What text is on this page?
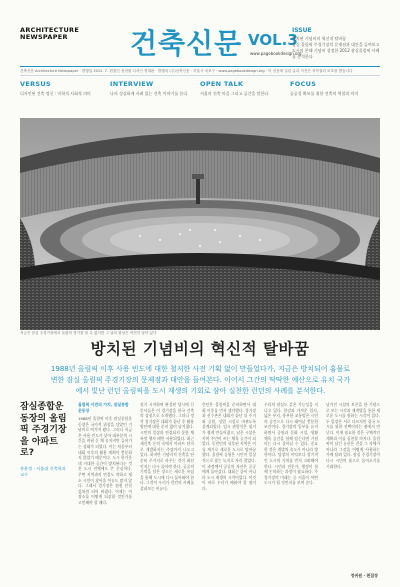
ARCHITECTURE
NEWSPAPER	건축신문 VOL.3
www.pagebookdesign.org
ISSUE
방치된 기념비의 혁신적 탈바꿈
잠실 올림픽 주경기장의 문제점과 대안을 들여보고
도시의 본래 기념비 설정한 2012 잠실올림픽 사례를 분석한다
건축신문 Architecture Newspaper · 발행일 2012. 7. 편집인 정귀원 디자인 정재완 · 발행처 (주)건축신문 · 서울시 마포구 · www.pagebookdesign.org · 이 신문에 실린 글과 사진은 저작권의 보호를 받습니다
VERSUS
디자인된 건축 정신 : 미학적 사회적 의미
INTERVIEW
나의 성실하게 사려 있는 건축 이야기를 듣다
OPEN TALK
서울의 건축 마을 그리고 공간을 말한다
FOCUS
공공성 확보를 위한 건축의 역할과 의미
지금은 잠실 주경기장에서 올림픽 경기를 볼 수 없지만 그 날의 함성은 여전히 남아 있다
방치된 기념비의 혁신적 탈바꿈
1988년 올림픽 이후 사용 빈도에 대한 철저한 사전 기획 없이 만들었다가, 지금은 방치되어 흉물로 변한 잠실 올림픽 주경기장의 문제점과 대안을 들여본다. 이어서 그간의 딱딱한 예산으로 유치 국가에서 빛난 런던 올림픽을 도시 재생의 기회로 삼아 실천한 런던의 사례를 분석한다.
잠실종합운동장의 올림픽 주경기장을 아파트로?
홍윤정 · 서울대 건축학과 교수
올림픽 이전의 가치, 잠실종합운동장
1988년 올림픽 이후 잠실종합운동장은 국가적 위상을 담았던 기념비로 여겨져 왔다. 그러나 지금은 사용 빈도가 낮아 대부분의 시간을 비워 둔 채 유지비만 들어가는 상태가 되었다. 이는 처음부터 대회 이후의 활용 계획이 충분하지 않았기 때문이다. 도시 한가운데 거대한 공간이 방치된다는 것은 도시 전체에도 큰 손실이다. 주변 지역과의 연결도 약하고 평소 시민이 찾아올 이유도 많지 않다. 그래서 경기장은 점점 닫힌 섬처럼 되어 버렸다. 이제는 이 장소를 어떻게 되살릴 것인가를 고민해야 할 때다.
짓기 시작하여 완성된 당시에 신문사들은 이 경기장을 한국 건축의 상징으로 소개했다. 그러나 정작 경기장은 대회가 끝난 후 활용 방안에 대한 준비 없이 남겨졌다. 시민의 일상과 연결되지 못한 채 특정 행사 때만 사용되었다. 최근 재건축 논의 속에서 아파트 단지로 개발하자는 주장까지 나오고 있다. 하지만 기념비적 건축을 단순히 주거지로 바꾸는 것이 최선인지는 다시 물어야 한다. 공공의 기억을 담은 장소는 새로운 쓰임을 통해 도시에 다시 돌아와야 한다. 그것이 우리가 런던의 사례를 살펴보는 이유다.
런던은 올림픽을 준비하면서 대회 이후를 먼저 생각했다. 경기장과 선수촌은 대회가 끝난 뒤 주거와 공원, 상업 시설로 바뀌도록 설계되었다. 임시 관람석은 철거가 쉽게 만들어졌고, 남은 시설은 지역 주민이 쓰는 체육 공간이 되었다. 동런던의 낙후된 지역은 이를 계기로 새로운 도시로 탈바꿈했다. 올림픽 공원은 시민이 일상적으로 찾는 녹지로 자리 잡았다. 이 과정에서 공공의 자산은 공공에게 돌아갔다. 대회는 끝이 아니라 도시 재생의 시작이었다. 이것이 바로 우리가 배워야 할 점이다.
우리의 잠실도 같은 가능성을 지니고 있다. 한강과 가까운 입지, 넓은 부지, 풍부한 교통망은 시민의 공간으로 다시 태어날 충분한 조건이다. 경기장의 일부를 유지하면서 공원과 문화 시설, 생활 체육 공간을 함께 담는다면 기념비는 다시 살아날 수 있다. 중요한 것은 개발의 속도가 아니라 방향이다. 당장의 이익보다 장기적인 도시의 가치를 먼저 고려해야 한다. 시민과 전문가, 행정이 함께 논의하는 과정이 필요하다. 주경기장의 미래는 곧 서울이 어떤 도시가 될 것인지를 보여 준다.
남겨진 시설의 보존을 한 기념으로 보는 시각과 재개발을 통한 새로운 도시를 원하는 시각이 있다. 두 입장은 서로 다르지만 결국 도시를 위한 선택이라는 점에서 만난다. 이제 필요한 것은 구체적인 계획과 이를 실천할 의지다. 올림픽이 남긴 유산은 건물 그 자체가 아니라 그것을 어떻게 사용하는가에 달려 있다. 잠실 주경기장이 다시 시민의 품으로 돌아오기를 기대한다.
정귀원 · 편집장
